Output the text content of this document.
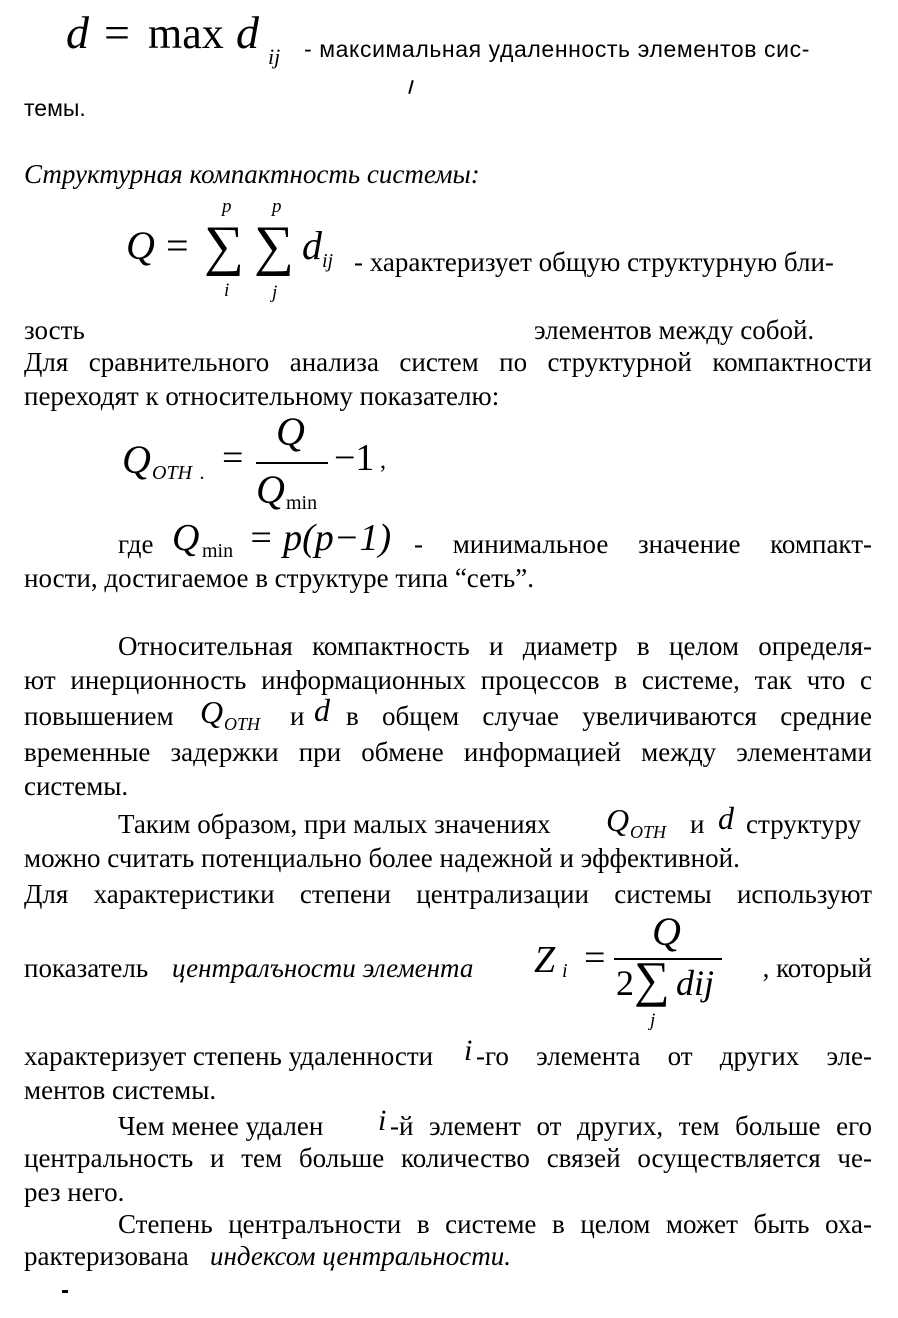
d = max d ij - максимальная удаленность элементов сис-
темы.
Структурная компактность системы:
Q =
p
∑
i
p
∑
j
d ij - характеризует общую структурную бли-
зость	элементов между собой.
Для сравнительного анализа систем по структурной компактности
переходят к относительному показателю:
Q OTH . =
Q
Q min
−1 ,
где Q min = p(p−1) - минимальное значение компакт-
ности, достигаемое в структуре типа “сеть”.
Относительная компактность и диаметр в целом определя-
ют инерционность информационных процессов в системе, так что с
повышением Q OTH и d в общем случае увеличиваются средние
временные задержки при обмене информацией между элементами
системы.
Таким образом, при малых значениях Q OTH и d структуру
можно считать потенциально более надежной и эффективной.
Для характеристики степени централизации системы используют
показатель централъности элемента Z i =
Q
2 ∑ dij
j
, который
характеризует степень удаленности i -го элемента от других эле-
ментов системы.
Чем менее удален i -й элемент от других, тем больше его
центральность и тем больше количество связей осуществляется че-
рез него.
Степень централъности в системе в целом может быть оха-
рактеризована индексом центральности.
